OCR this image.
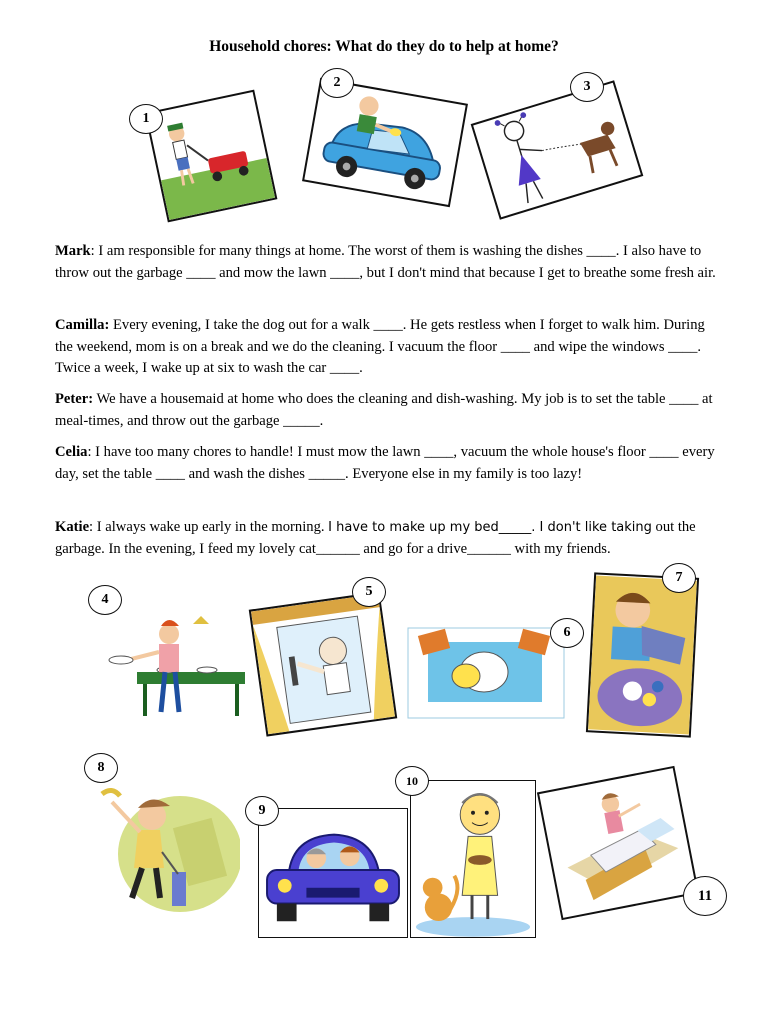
Household chores: What do they do to help at home?
1
2	3
Mark: I am responsible for many things at home. The worst of them is washing the dishes ____. I also have to throw out the garbage ____ and mow the lawn ____, but I don't mind that because I get to breathe some fresh air.
Camilla: Every evening, I take the dog out for a walk ____. He gets restless when I forget to walk him. During the weekend, mom is on a break and we do the cleaning. I vacuum the floor ____ and wipe the windows ____. Twice a week, I wake up at six to wash the car ____.
Peter: We have a housemaid at home who does the cleaning and dish-washing. My job is to set the table ____ at meal-times, and throw out the garbage _____.
Celia: I have too many chores to handle! I must mow the lawn ____, vacuum the whole house's floor ____ every day, set the table ____ and wash the dishes _____. Everyone else in my family is too lazy!
Katie: I always wake up early in the morning. I have to make up my bed_____. I don't like taking out the garbage. In the evening, I feed my lovely cat______ and go for a drive______ with my friends.
4
5
6
7
8
9
10
11
